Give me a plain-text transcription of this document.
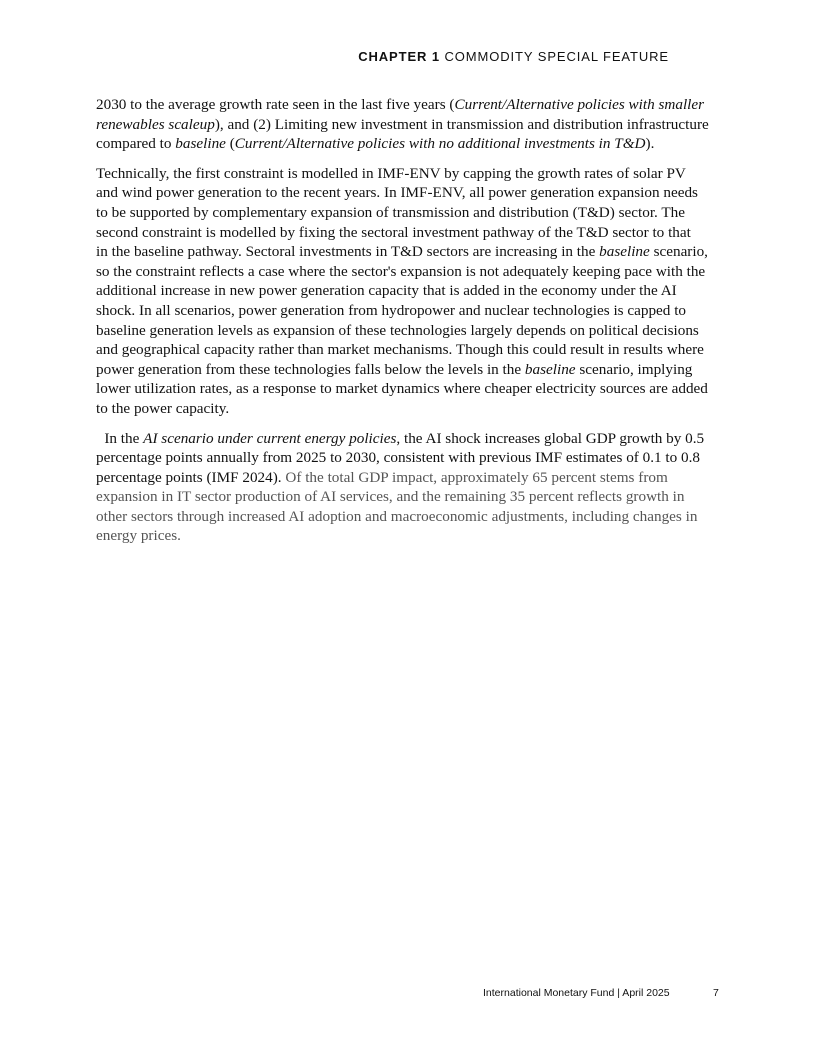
CHAPTER 1 COMMODITY SPECIAL FEATURE

2030 to the average growth rate seen in the last five years (Current/Alternative policies with smaller
renewables scaleup), and (2) Limiting new investment in transmission and distribution infrastructure
compared to baseline (Current/Alternative policies with no additional investments in T&D).

Technically, the first constraint is modelled in IMF-ENV by capping the growth rates of solar PV
and wind power generation to the recent years. In IMF-ENV, all power generation expansion needs
to be supported by complementary expansion of transmission and distribution (T&D) sector. The
second constraint is modelled by fixing the sectoral investment pathway of the T&D sector to that
in the baseline pathway. Sectoral investments in T&D sectors are increasing in the baseline scenario,
so the constraint reflects a case where the sector's expansion is not adequately keeping pace with the
additional increase in new power generation capacity that is added in the economy under the AI
shock. In all scenarios, power generation from hydropower and nuclear technologies is capped to
baseline generation levels as expansion of these technologies largely depends on political decisions
and geographical capacity rather than market mechanisms. Though this could result in results where
power generation from these technologies falls below the levels in the baseline scenario, implying
lower utilization rates, as a response to market dynamics where cheaper electricity sources are added
to the power capacity.

In the AI scenario under current energy policies, the AI shock increases global GDP growth by 0.5
percentage points annually from 2025 to 2030, consistent with previous IMF estimates of 0.1 to 0.8
percentage points (IMF 2024). Of the total GDP impact, approximately 65 percent stems from
expansion in IT sector production of AI services, and the remaining 35 percent reflects growth in
other sectors through increased AI adoption and macroeconomic adjustments, including changes in
energy prices.

International Monetary Fund | April 2025	7
